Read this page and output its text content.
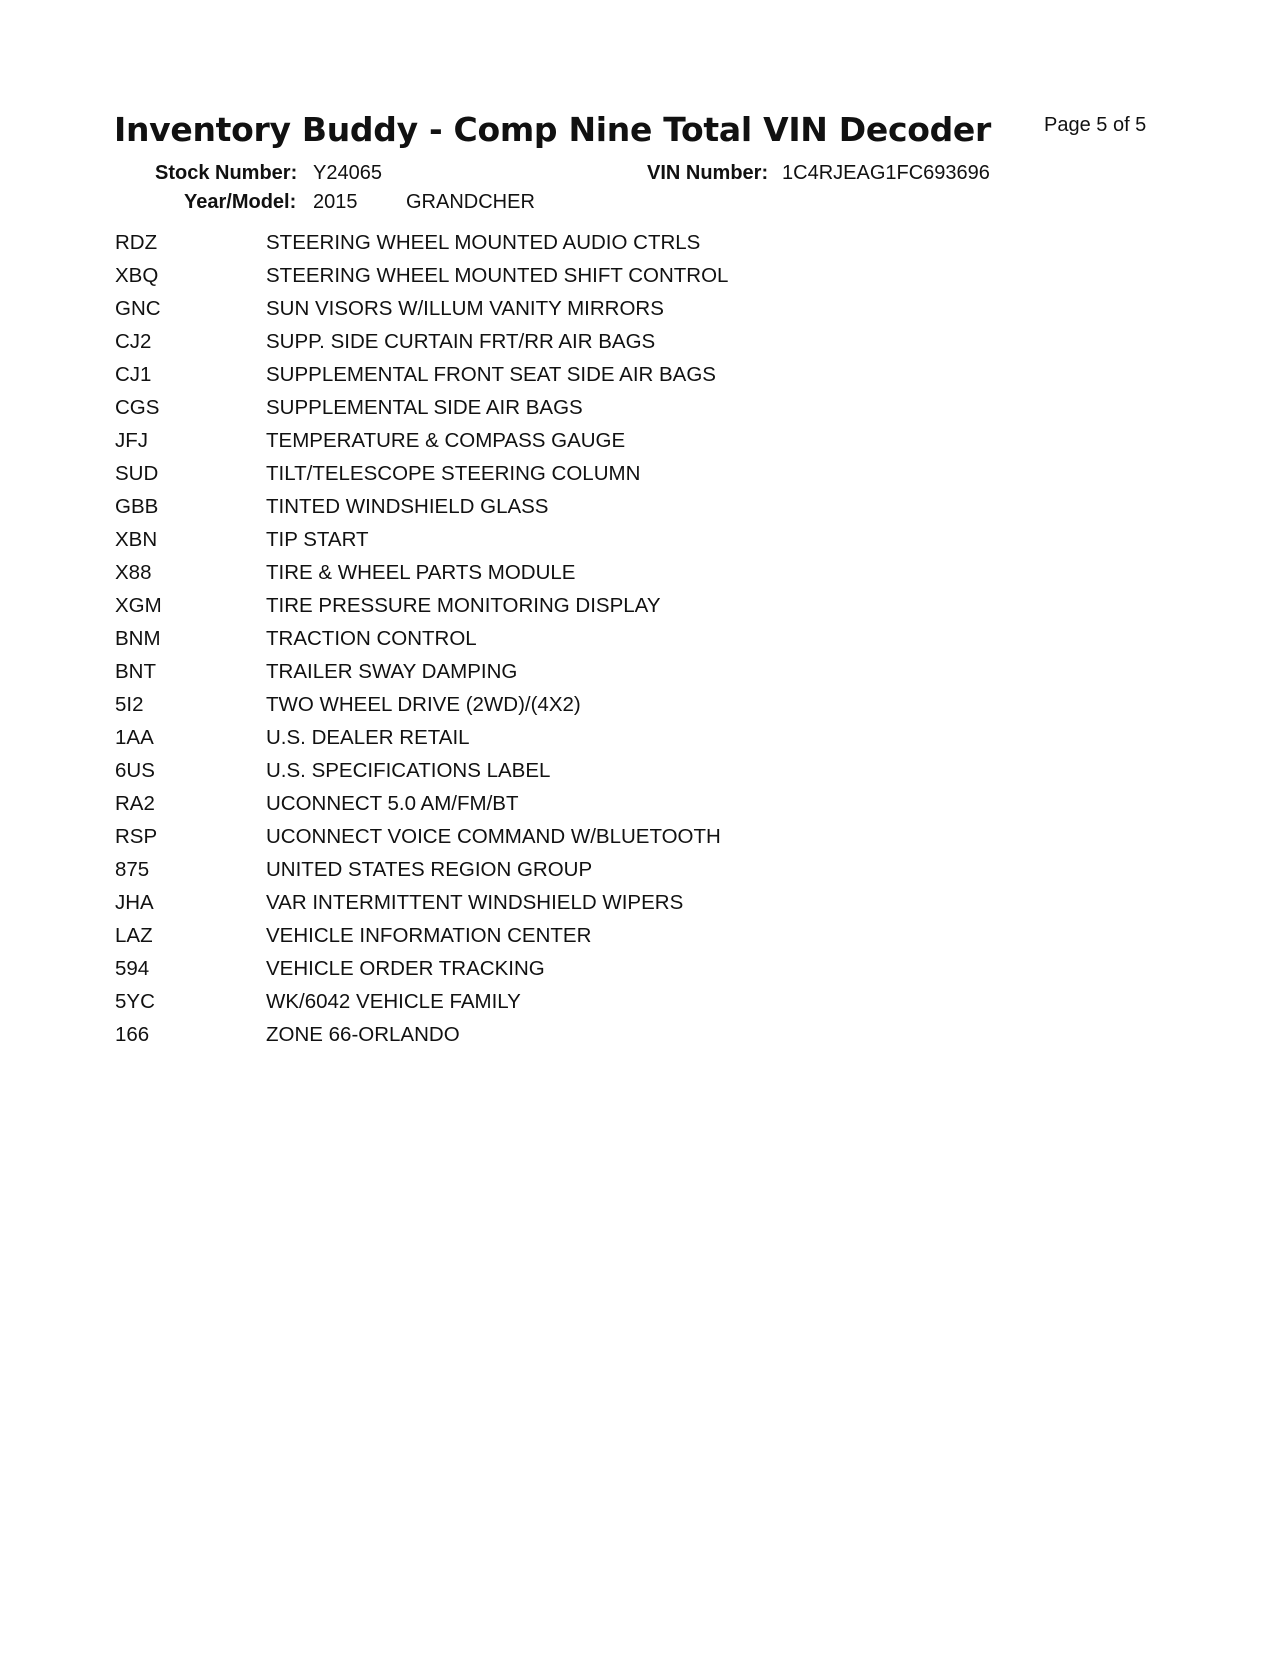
Inventory Buddy - Comp Nine Total VIN Decoder	Page 5 of 5
Stock Number: Y24065	VIN Number: 1C4RJEAG1FC693696
Year/Model: 2015 GRANDCHER
RDZ	STEERING WHEEL MOUNTED AUDIO CTRLS
XBQ	STEERING WHEEL MOUNTED SHIFT CONTROL
GNC	SUN VISORS W/ILLUM VANITY MIRRORS
CJ2	SUPP. SIDE CURTAIN FRT/RR AIR BAGS
CJ1	SUPPLEMENTAL FRONT SEAT SIDE AIR BAGS
CGS	SUPPLEMENTAL SIDE AIR BAGS
JFJ	TEMPERATURE & COMPASS GAUGE
SUD	TILT/TELESCOPE STEERING COLUMN
GBB	TINTED WINDSHIELD GLASS
XBN	TIP START
X88	TIRE & WHEEL PARTS MODULE
XGM	TIRE PRESSURE MONITORING DISPLAY
BNM	TRACTION CONTROL
BNT	TRAILER SWAY DAMPING
5I2	TWO WHEEL DRIVE (2WD)/(4X2)
1AA	U.S. DEALER RETAIL
6US	U.S. SPECIFICATIONS LABEL
RA2	UCONNECT 5.0 AM/FM/BT
RSP	UCONNECT VOICE COMMAND W/BLUETOOTH
875	UNITED STATES REGION GROUP
JHA	VAR INTERMITTENT WINDSHIELD WIPERS
LAZ	VEHICLE INFORMATION CENTER
594	VEHICLE ORDER TRACKING
5YC	WK/6042 VEHICLE FAMILY
166	ZONE 66-ORLANDO
